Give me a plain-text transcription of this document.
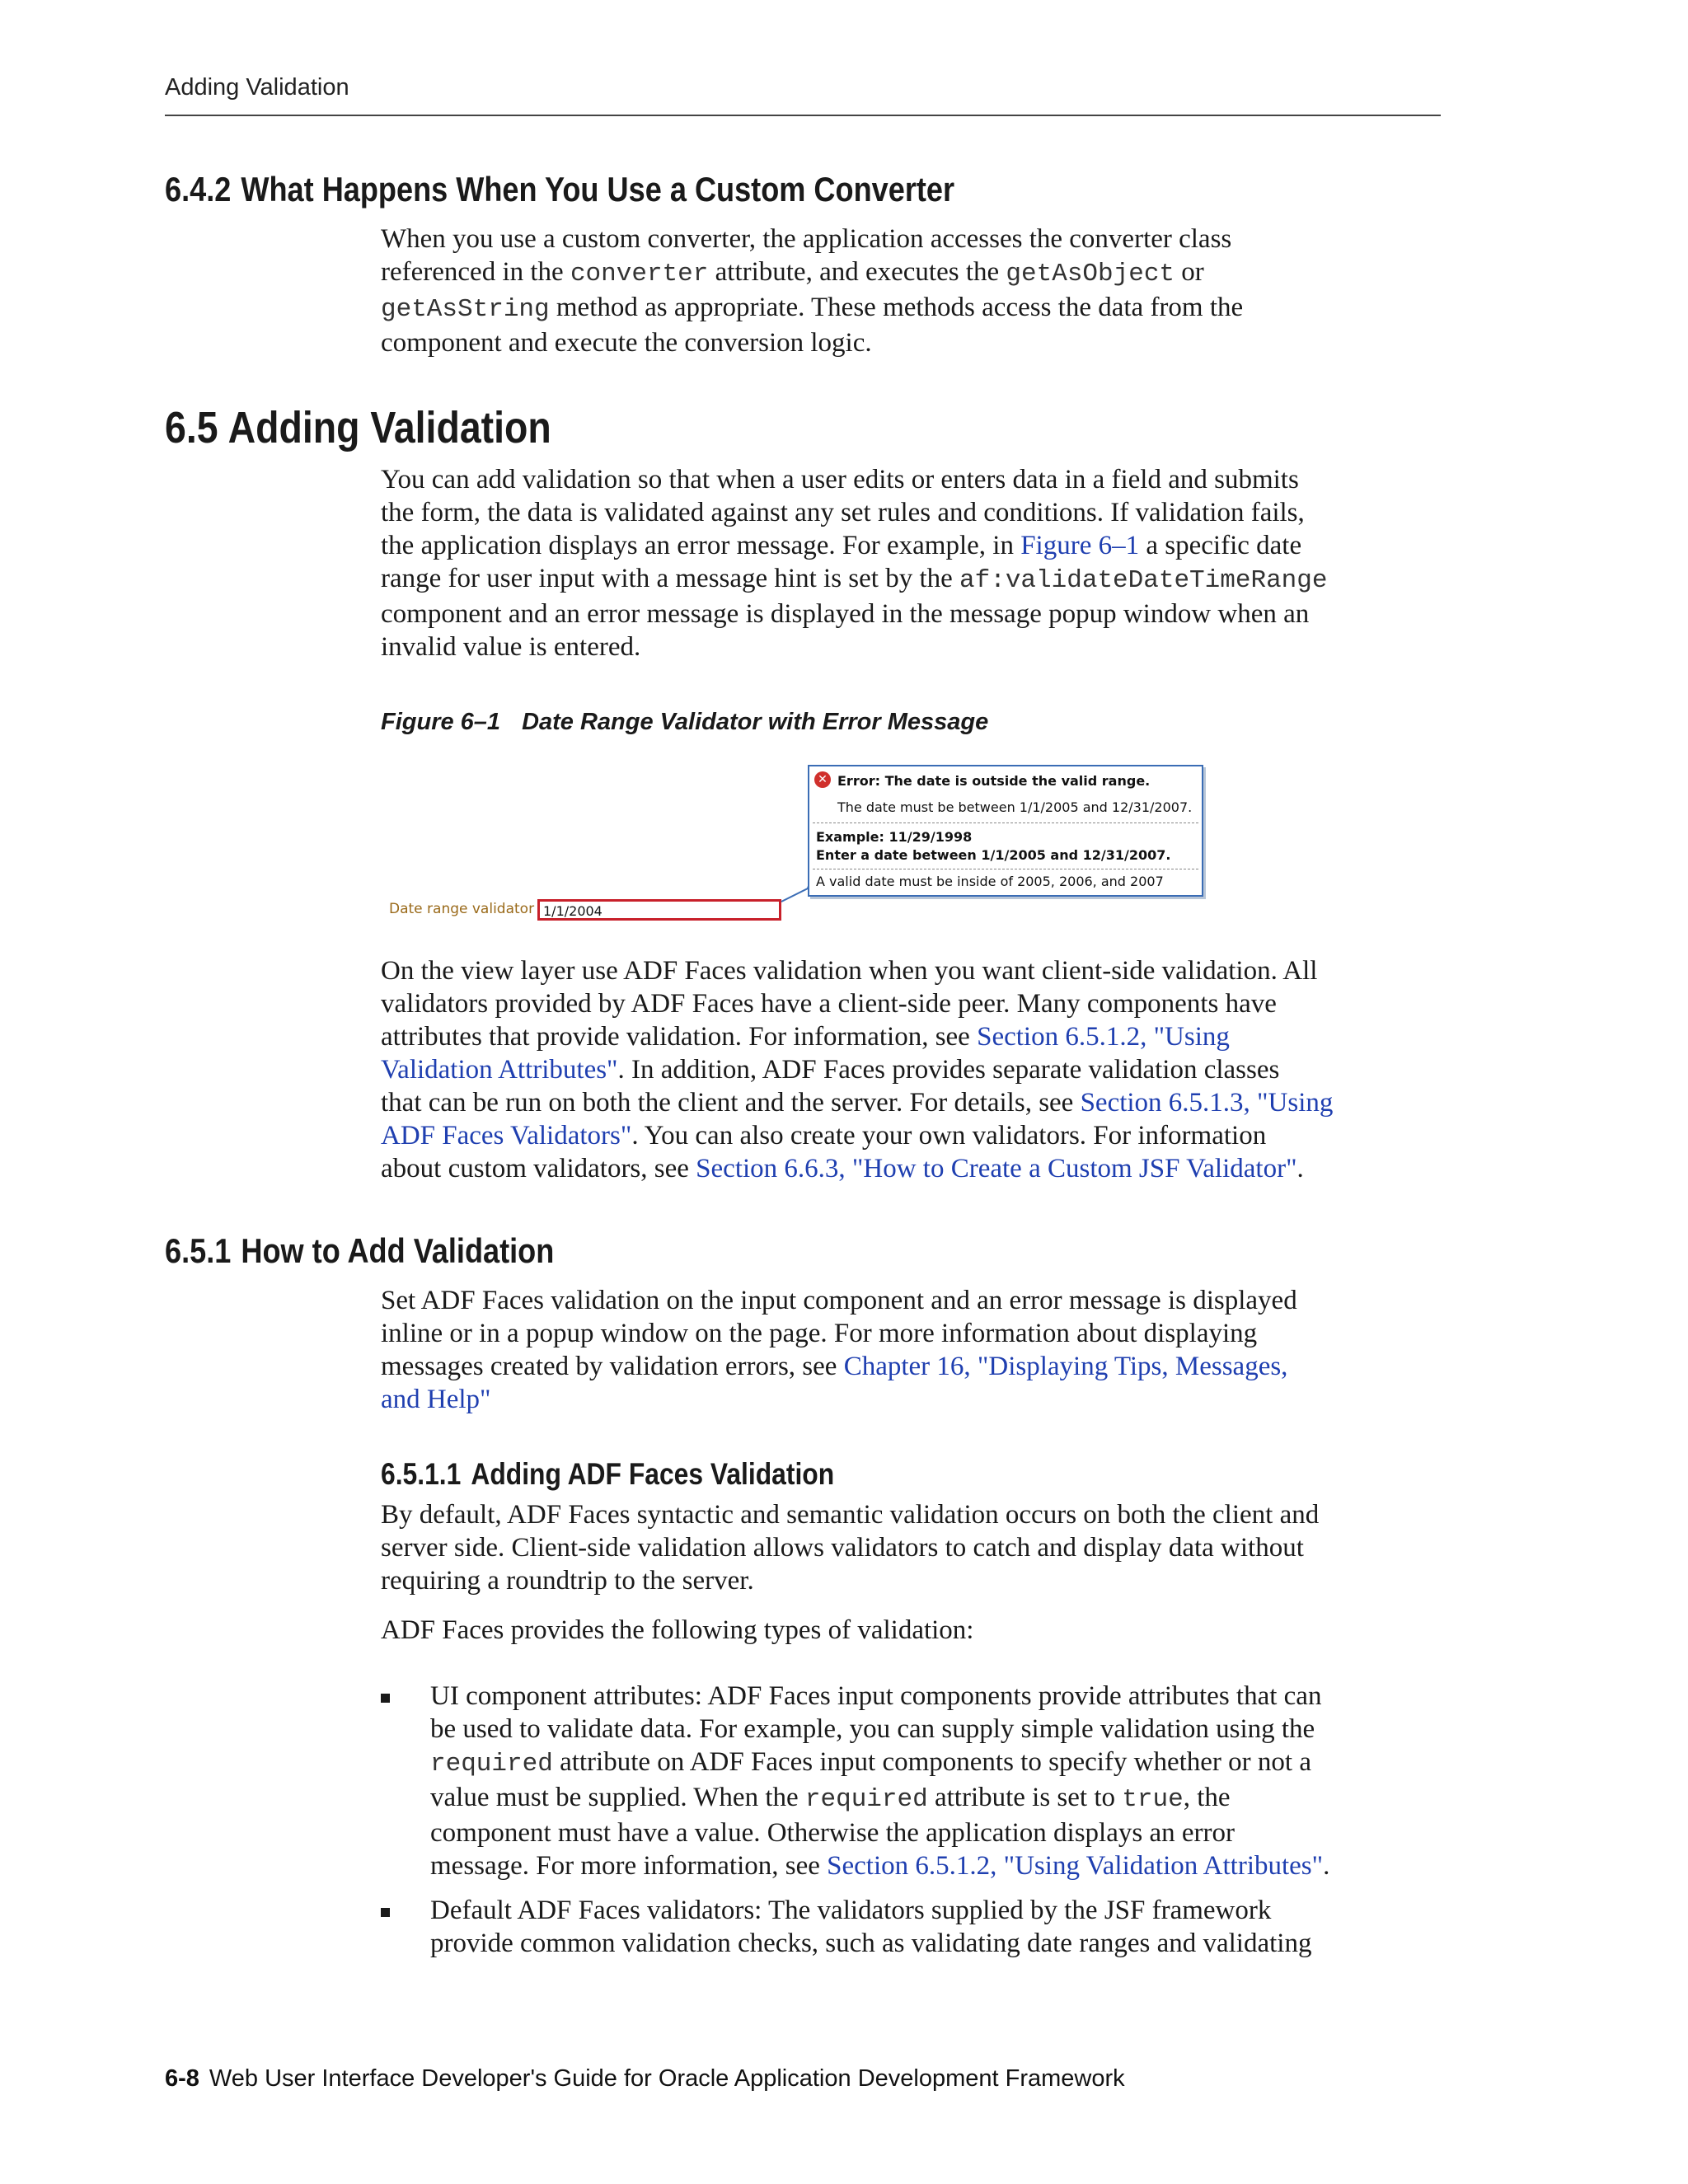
Adding Validation
6.4.2 What Happens When You Use a Custom Converter
When you use a custom converter, the application accesses the converter class
referenced in the converter attribute, and executes the getAsObject or
getAsString method as appropriate. These methods access the data from the
component and execute the conversion logic.
6.5 Adding Validation
You can add validation so that when a user edits or enters data in a field and submits
the form, the data is validated against any set rules and conditions. If validation fails,
the application displays an error message. For example, in Figure 6–1 a specific date
range for user input with a message hint is set by the af:validateDateTimeRange
component and an error message is displayed in the message popup window when an
invalid value is entered.
Figure 6–1 Date Range Validator with Error Message
Date range validator 1/1/2004
✕ Error: The date is outside the valid range.
The date must be between 1/1/2005 and 12/31/2007.
Example: 11/29/1998
Enter a date between 1/1/2005 and 12/31/2007.
A valid date must be inside of 2005, 2006, and 2007
On the view layer use ADF Faces validation when you want client-side validation. All
validators provided by ADF Faces have a client-side peer. Many components have
attributes that provide validation. For information, see Section 6.5.1.2, "Using
Validation Attributes". In addition, ADF Faces provides separate validation classes
that can be run on both the client and the server. For details, see Section 6.5.1.3, "Using
ADF Faces Validators". You can also create your own validators. For information
about custom validators, see Section 6.6.3, "How to Create a Custom JSF Validator".
6.5.1 How to Add Validation
Set ADF Faces validation on the input component and an error message is displayed
inline or in a popup window on the page. For more information about displaying
messages created by validation errors, see Chapter 16, "Displaying Tips, Messages,
and Help"
6.5.1.1 Adding ADF Faces Validation
By default, ADF Faces syntactic and semantic validation occurs on both the client and
server side. Client-side validation allows validators to catch and display data without
requiring a roundtrip to the server.
ADF Faces provides the following types of validation:
UI component attributes: ADF Faces input components provide attributes that can
be used to validate data. For example, you can supply simple validation using the
required attribute on ADF Faces input components to specify whether or not a
value must be supplied. When the required attribute is set to true, the
component must have a value. Otherwise the application displays an error
message. For more information, see Section 6.5.1.2, "Using Validation Attributes".
Default ADF Faces validators: The validators supplied by the JSF framework
provide common validation checks, such as validating date ranges and validating
6-8 Web User Interface Developer's Guide for Oracle Application Development Framework
